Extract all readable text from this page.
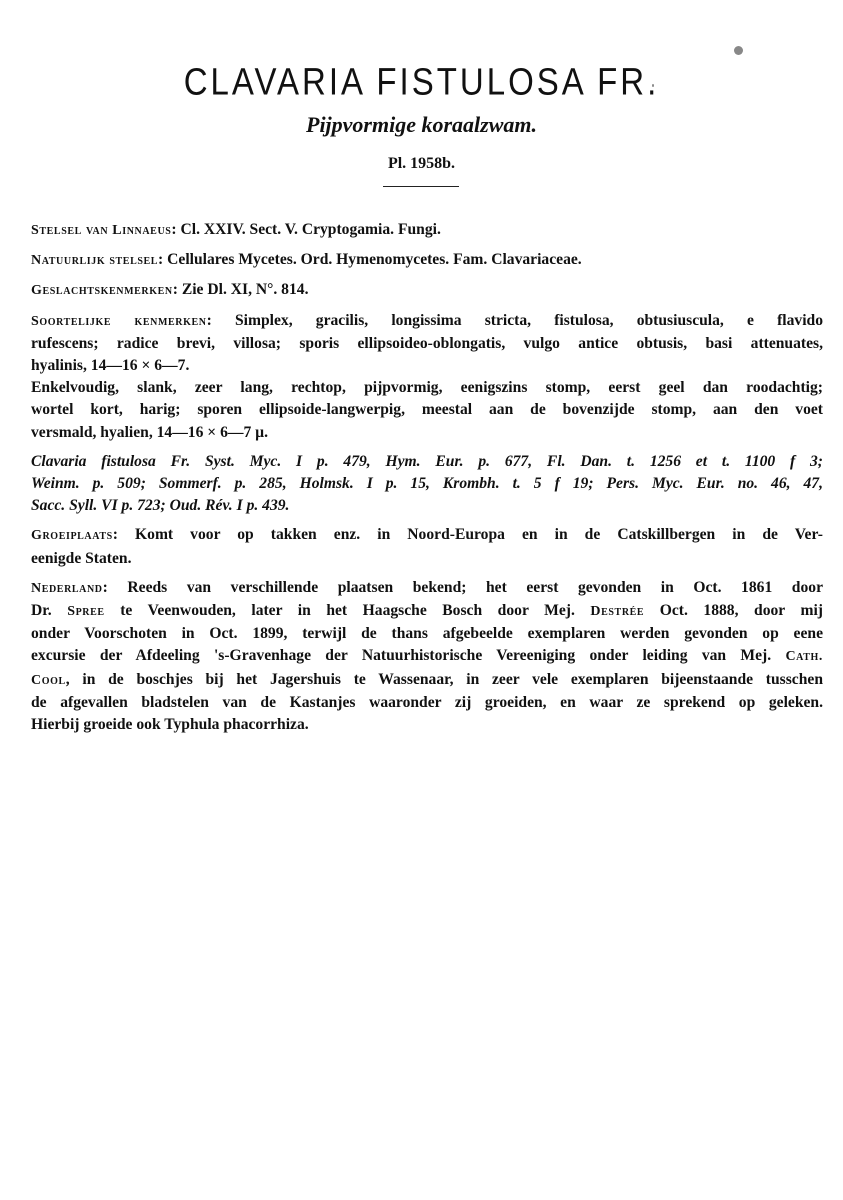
CLAVARIA FISTULOSA FR.
Pijpvormige koraalzwam.
Pl. 1958b.

Stelsel van Linnaeus: Cl. XXIV. Sect. V. Cryptogamia. Fungi.

Natuurlijk stelsel: Cellulares Mycetes. Ord. Hymenomycetes. Fam. Clavariaceae.

Geslachtskenmerken: Zie Dl. XI, N°. 814.

Soortelijke kenmerken: Simplex, gracilis, longissima stricta, fistulosa, obtusiuscula, e flavido
rufescens; radice brevi, villosa; sporis ellipsoideo-oblongatis, vulgo antice obtusis, basi attenuates,
hyalinis, 14—16 × 6—7.

Enkelvoudig, slank, zeer lang, rechtop, pijpvormig, eenigszins stomp, eerst geel dan roodachtig;
wortel kort, harig; sporen ellipsoide-langwerpig, meestal aan de bovenzijde stomp, aan den voet
versmald, hyalien, 14—16 × 6—7 µ.

Clavaria fistulosa Fr. Syst. Myc. I p. 479, Hym. Eur. p. 677, Fl. Dan. t. 1256 et t. 1100 f 3;
Weinm. p. 509; Sommerf. p. 285, Holmsk. I p. 15, Krombh. t. 5 f 19; Pers. Myc. Eur. no. 46, 47,
Sacc. Syll. VI p. 723; Oud. Rév. I p. 439.

Groeiplaats: Komt voor op takken enz. in Noord-Europa en in de Catskillbergen in de Ver-
eenigde Staten.

Nederland: Reeds van verschillende plaatsen bekend; het eerst gevonden in Oct. 1861 door
Dr. Spree te Veenwouden, later in het Haagsche Bosch door Mej. Destrée Oct. 1888, door mij
onder Voorschoten in Oct. 1899, terwijl de thans afgebeelde exemplaren werden gevonden op eene
excursie der Afdeeling 's-Gravenhage der Natuurhistorische Vereeniging onder leiding van Mej. Cath.
Cool, in de boschjes bij het Jagershuis te Wassenaar, in zeer vele exemplaren bijeenstaande tusschen
de afgevallen bladstelen van de Kastanjes waaronder zij groeiden, en waar ze sprekend op geleken.
Hierbij groeide ook Typhula phacorrhiza.
